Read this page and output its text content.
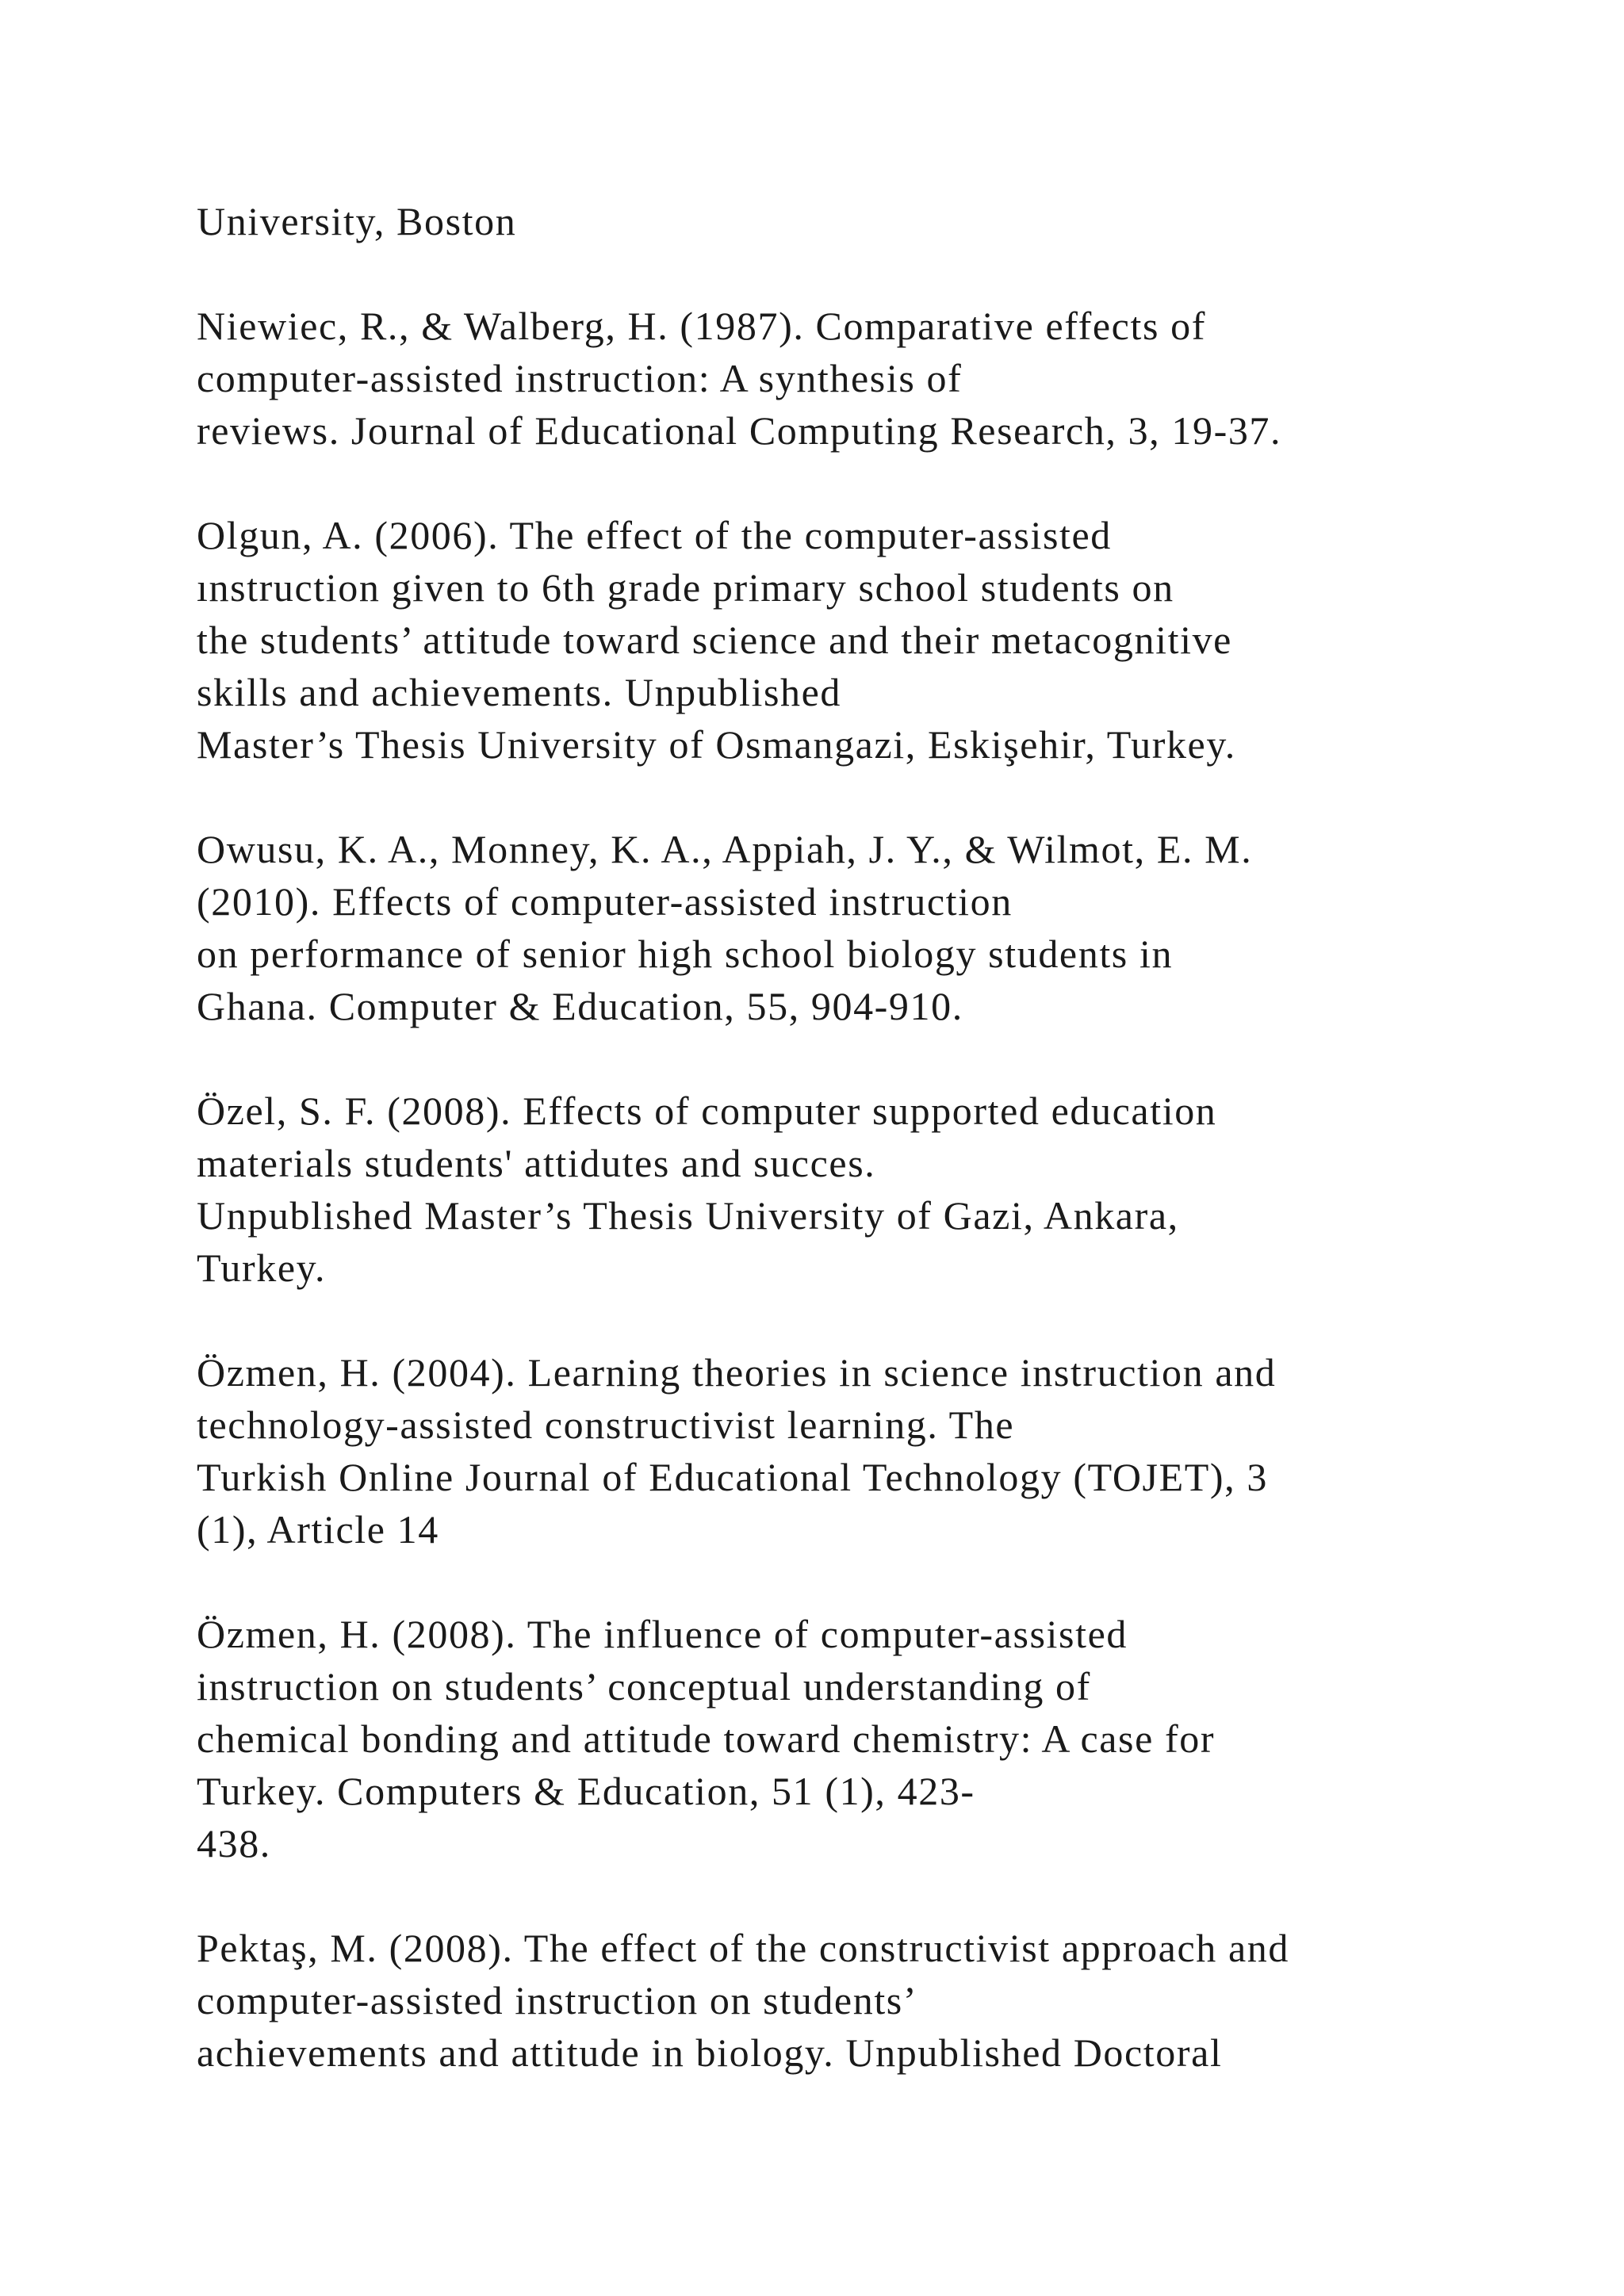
University, Boston
Niewiec, R., & Walberg, H. (1987). Comparative effects of
computer-assisted instruction: A synthesis of
reviews. Journal of Educational Computing Research, 3, 19-37.
Olgun, A. (2006). The effect of the computer-assisted
ınstruction given to 6th grade primary school students on
the students’ attitude toward science and their metacognitive
skills and achievements. Unpublished
Master’s Thesis University of Osmangazi, Eskişehir, Turkey.
Owusu, K. A., Monney, K. A., Appiah, J. Y., & Wilmot, E. M.
(2010). Effects of computer-assisted instruction
on performance of senior high school biology students in
Ghana. Computer & Education, 55, 904-910.
Özel, S. F. (2008). Effects of computer supported education
materials students' attidutes and succes.
Unpublished Master’s Thesis University of Gazi, Ankara,
Turkey.
Özmen, H. (2004). Learning theories in science instruction and
technology-assisted constructivist learning. The
Turkish Online Journal of Educational Technology (TOJET), 3
(1), Article 14
Özmen, H. (2008). The influence of computer-assisted
instruction on students’ conceptual understanding of
chemical bonding and attitude toward chemistry: A case for
Turkey. Computers & Education, 51 (1), 423-
438.
Pektaş, M. (2008). The effect of the constructivist approach and
computer-assisted instruction on students’
achievements and attitude in biology. Unpublished Doctoral
